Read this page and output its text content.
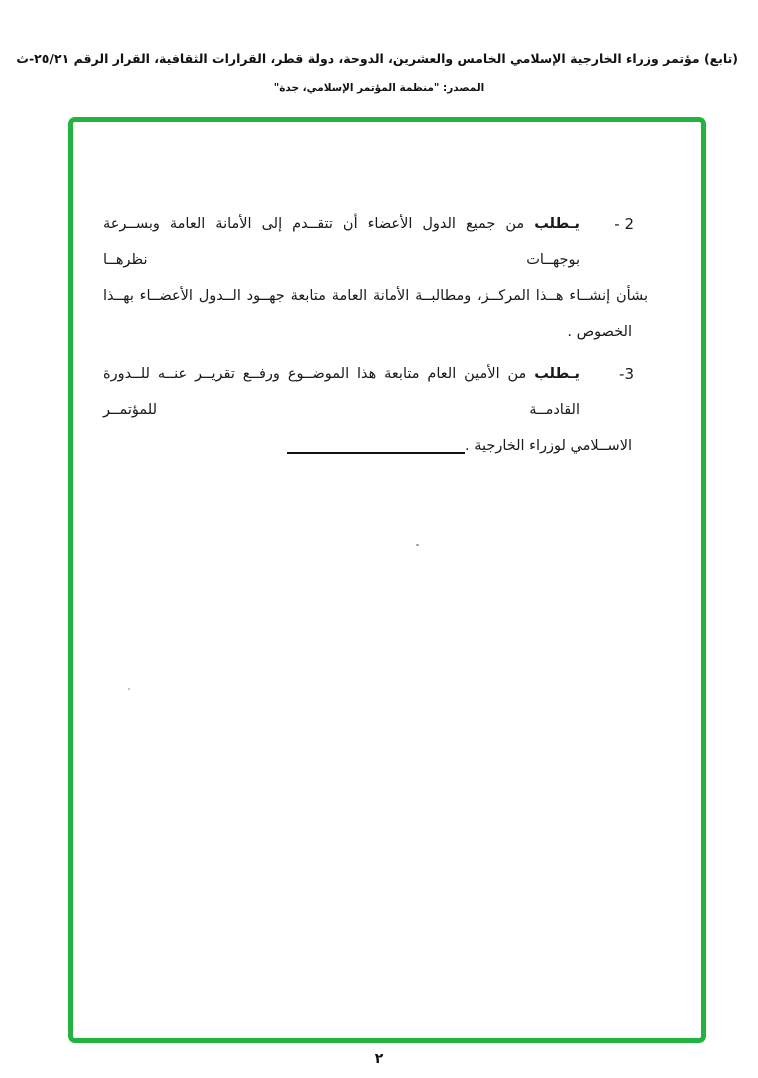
(تابع) مؤتمر وزراء الخارجية الإسلامي الخامس والعشرين، الدوحة، دولة قطر، القرارات الثقافية، القرار الرقم ٢٥/٢١-ث
المصدر: "منظمة المؤتمر الإسلامي، جدة"
2 -
يـطلب من جميع الدول الأعضاء أن تتقــدم إلى الأمانة العامة وبســرعة بوجهــات نظرهــا
بشأن إنشــاء هــذا المركــز، ومطالبــة الأمانة العامة متابعة جهــود الــدول الأعضــاء بهــذا
الخصوص .
3-
يـطلب من الأمين العام متابعة هذا الموضــوع ورفــع تقريــر عنــه للــدورة القادمــة للمؤتمــر
الاســلامي لوزراء الخارجية .
٢
